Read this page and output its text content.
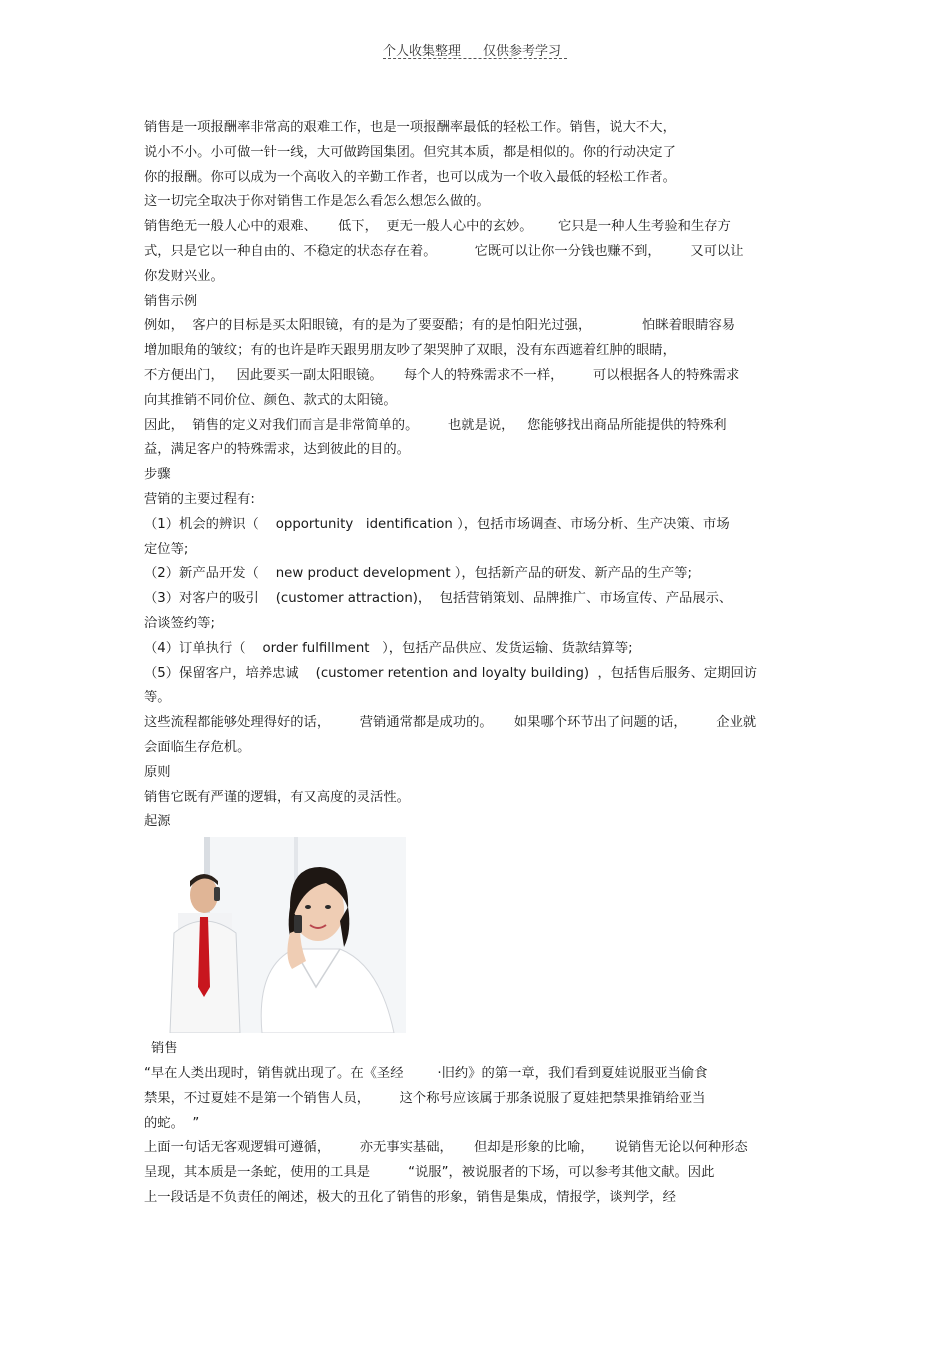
个人收集整理 仅供参考学习
销售是一项报酬率非常高的艰难工作，也是一项报酬率最低的轻松工作。销售，说大不大，
说小不小。小可做一针一线，大可做跨国集团。但究其本质，都是相似的。你的行动决定了
你的报酬。你可以成为一个高收入的辛勤工作者，也可以成为一个收入最低的轻松工作者。
这一切完全取决于你对销售工作是怎么看怎么想怎么做的。
销售绝无一般人心中的艰难、     低下，  更无一般人心中的玄妙。      它只是一种人生考验和生存方
式，只是它以一种自由的、不稳定的状态存在着。         它既可以让你一分钱也赚不到，       又可以让
你发财兴业。
销售示例
例如，  客户的目标是买太阳眼镜，有的是为了要耍酷；有的是怕阳光过强，            怕眯着眼睛容易
增加眼角的皱纹；有的也许是昨天跟男朋友吵了架哭肿了双眼，没有东西遮着红肿的眼睛，
不方便出门，   因此要买一副太阳眼镜。     每个人的特殊需求不一样，       可以根据各人的特殊需求
向其推销不同价位、颜色、款式的太阳镜。
因此，  销售的定义对我们而言是非常简单的。       也就是说，   您能够找出商品所能提供的特殊利
益，满足客户的特殊需求，达到彼此的目的。
步骤
营销的主要过程有:
（1）机会的辨识（    opportunity   identification ），包括市场调查、市场分析、生产决策、市场
定位等;
（2）新产品开发（    new product development ），包括新产品的研发、新产品的生产等;
（3）对客户的吸引    (customer attraction)，  包括营销策划、品牌推广、市场宣传、产品展示、
洽谈签约等;
（4）订单执行（    order fulfillment   ），包括产品供应、发货运输、货款结算等;
（5）保留客户，培养忠诚    (customer retention and loyalty building)  ，包括售后服务、定期回访
等。
这些流程都能够处理得好的话，       营销通常都是成功的。     如果哪个环节出了问题的话，       企业就
会面临生存危机。
原则
销售它既有严谨的逻辑，有又高度的灵活性。
起源
销售
“早在人类出现时，销售就出现了。在《圣经        ·旧约》的第一章，我们看到夏娃说服亚当偷食
禁果，不过夏娃不是第一个销售人员，       这个称号应该属于那条说服了夏娃把禁果推销给亚当
的蛇。  ”
上面一句话无客观逻辑可遵循，       亦无事实基础，     但却是形象的比喻，     说销售无论以何种形态
呈现，其本质是一条蛇，使用的工具是         “说服”，被说服者的下场，可以参考其他文献。因此
上一段话是不负责任的阐述，极大的丑化了销售的形象，销售是集成，情报学，谈判学，经
